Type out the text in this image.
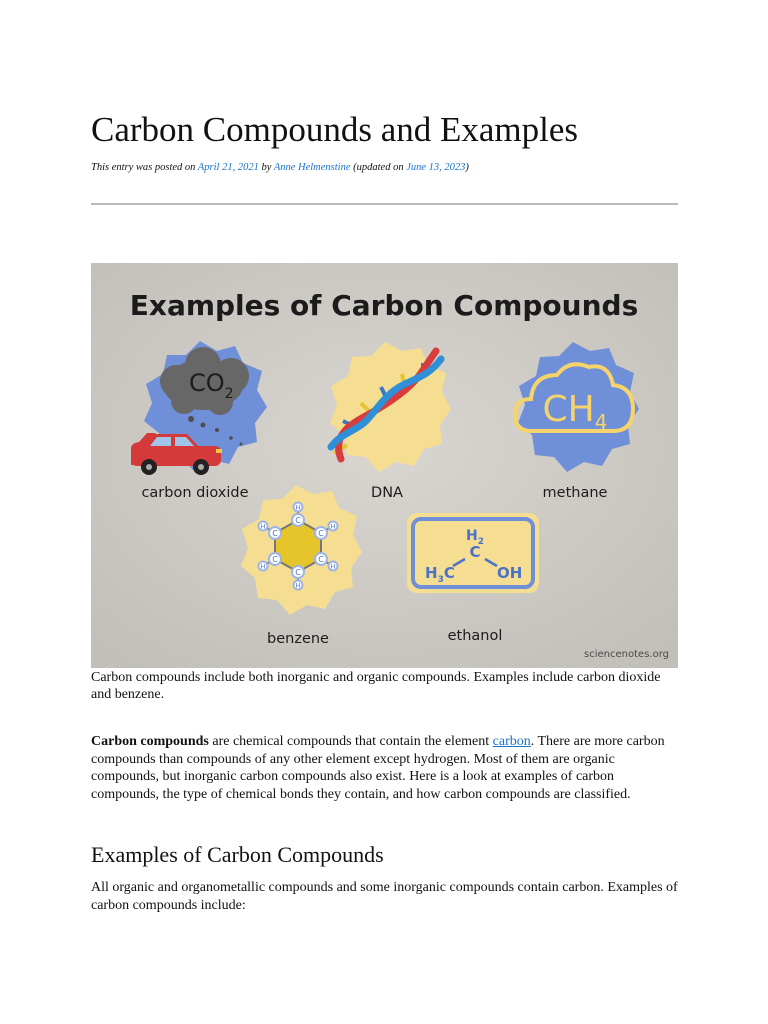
Carbon Compounds and Examples
This entry was posted on April 21, 2021 by Anne Helmenstine (updated on June 13, 2023)
Examples of Carbon Compounds
$CO_2$
carbon dioxide	DNA
$CH_4$
methane
C
C
C
C
C
C
H
H
H
H
H
H
benzene
$H_2$
C
$H_3C$	OH
ethanol
sciencenotes.org
Carbon compounds include both inorganic and organic compounds. Examples include carbon dioxide and benzene.

Carbon compounds are chemical compounds that contain the element carbon. There are more carbon compounds than compounds of any other element except hydrogen. Most of them are organic compounds, but inorganic carbon compounds also exist. Here is a look at examples of carbon compounds, the type of chemical bonds they contain, and how carbon compounds are classified.

Examples of Carbon Compounds

All organic and organometallic compounds and some inorganic compounds contain carbon. Examples of carbon compounds include:
